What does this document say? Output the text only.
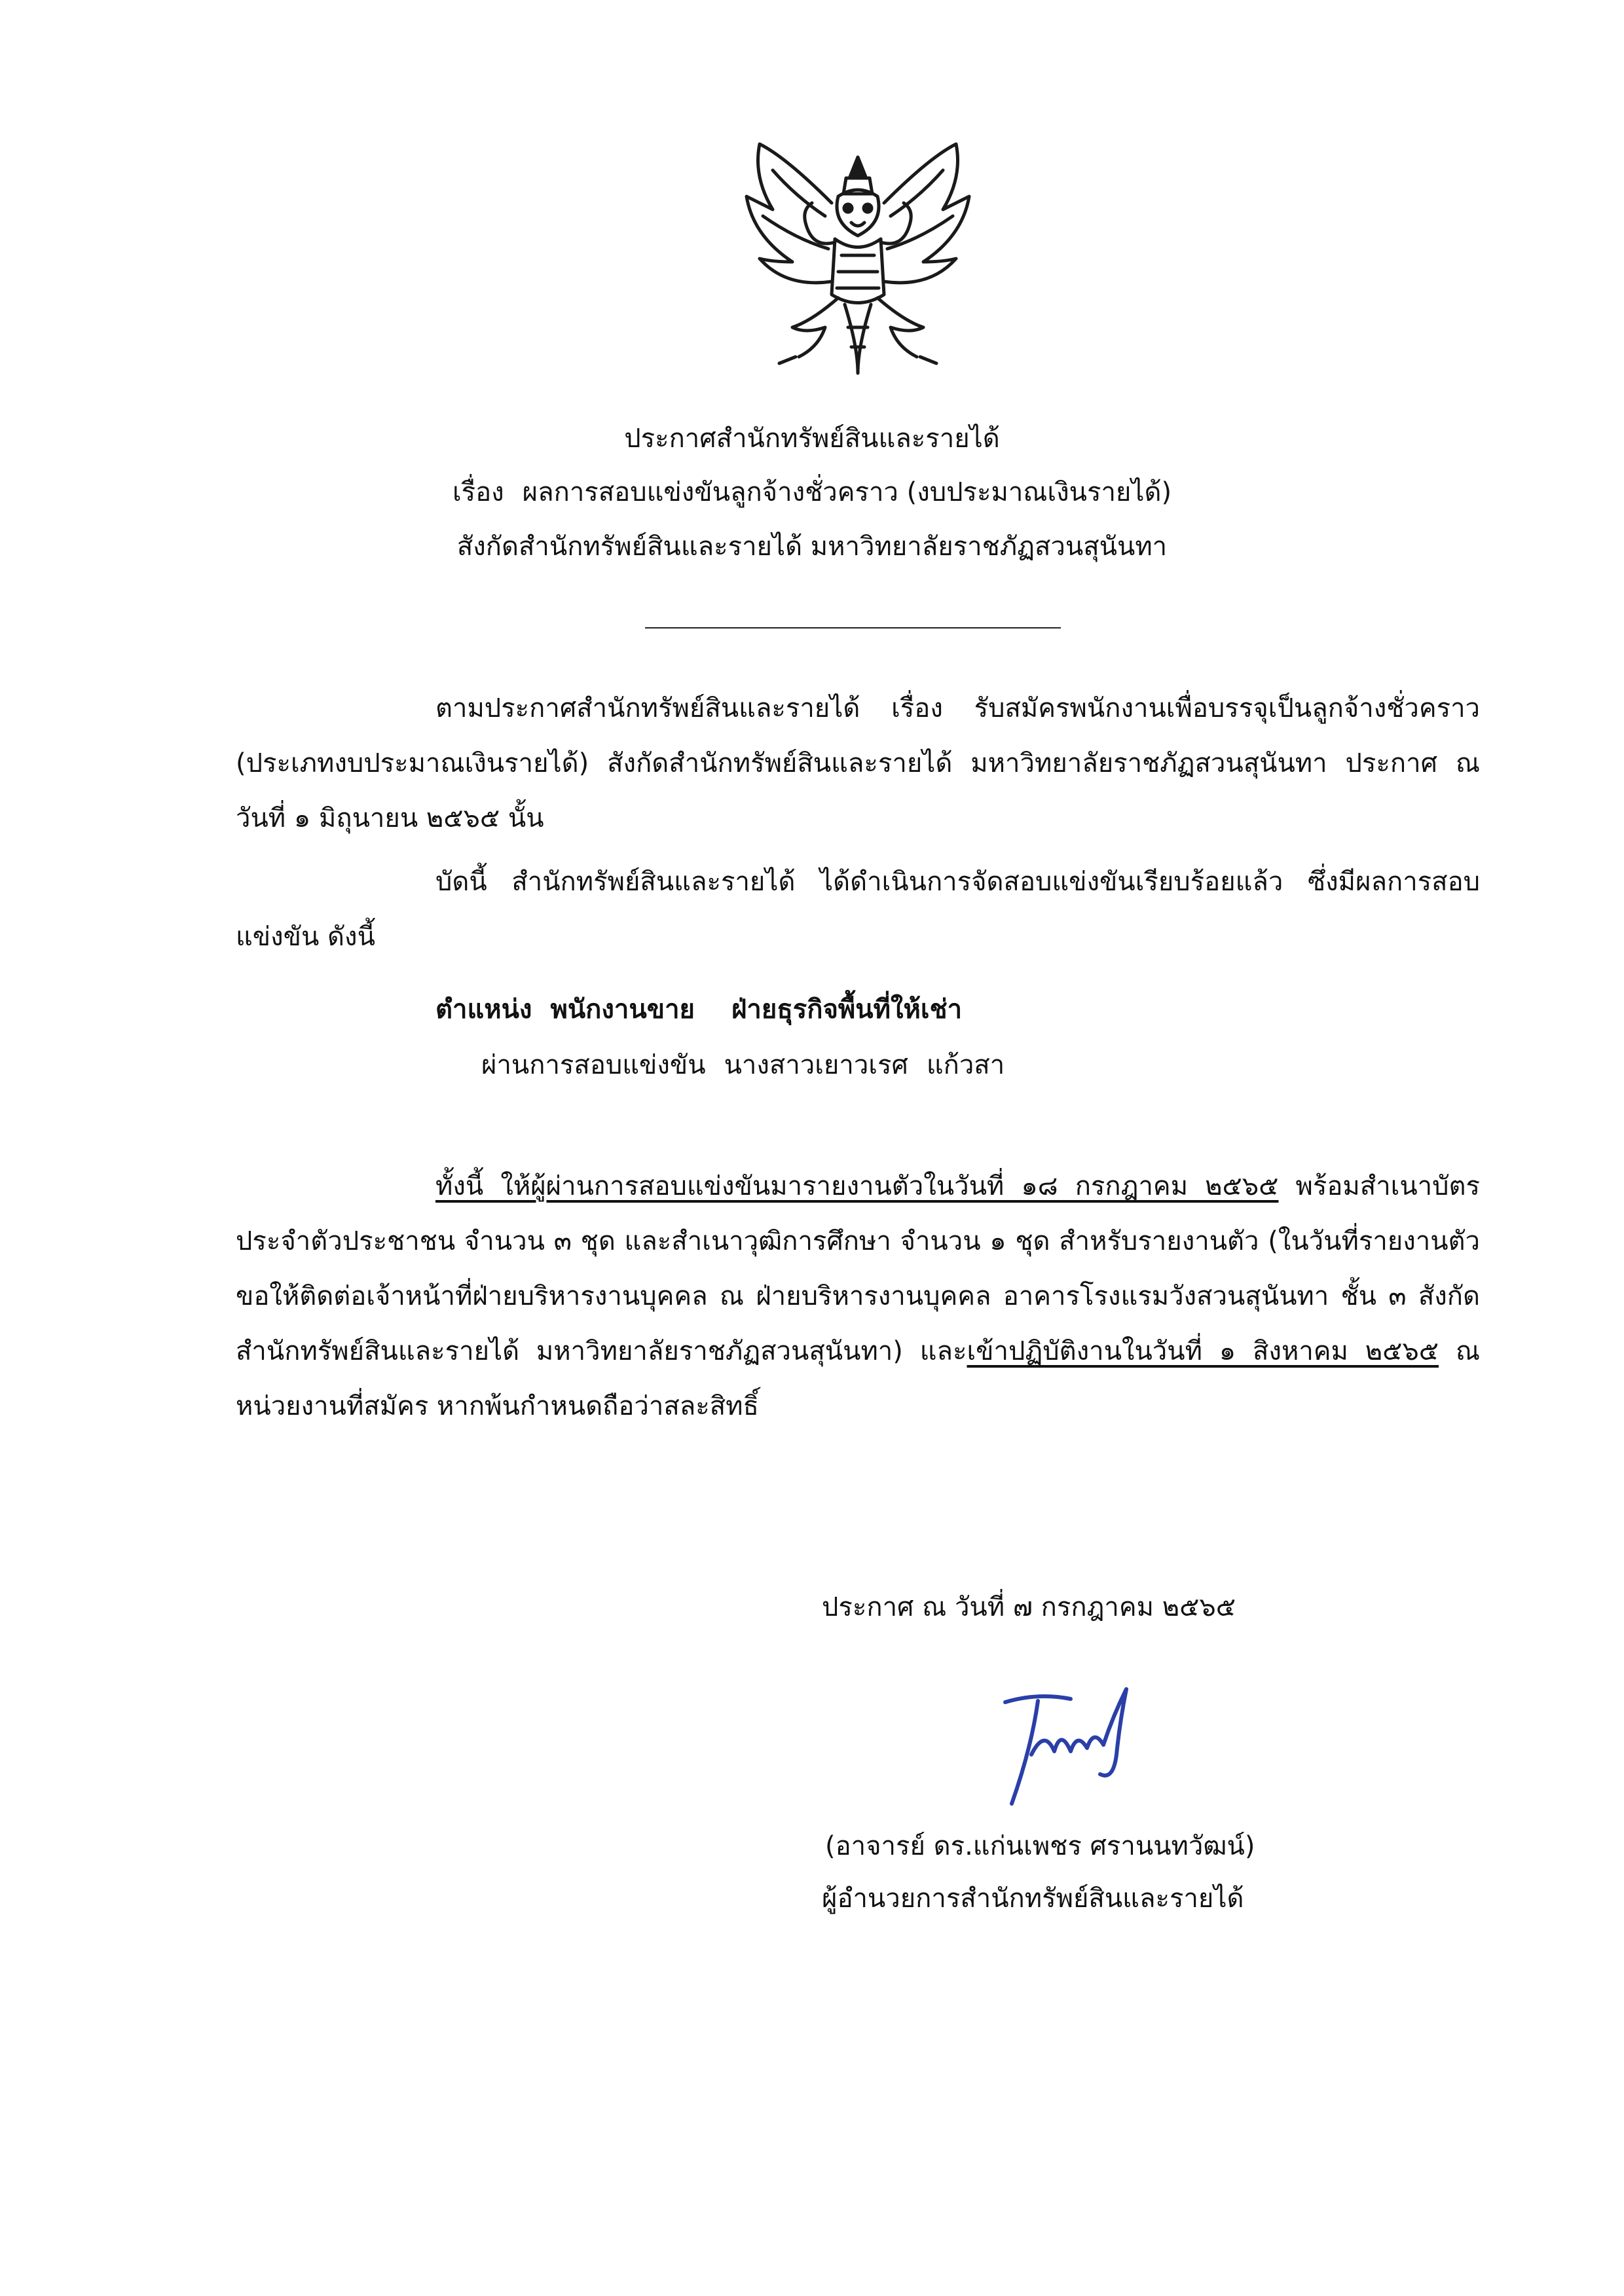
ประกาศสำนักทรัพย์สินและรายได้
เรื่อง ผลการสอบแข่งขันลูกจ้างชั่วคราว (งบประมาณเงินรายได้)
สังกัดสำนักทรัพย์สินและรายได้ มหาวิทยาลัยราชภัฏสวนสุนันทา
ตามประกาศสำนักทรัพย์สินและรายได้ เรื่อง รับสมัครพนักงานเพื่อบรรจุเป็นลูกจ้างชั่วคราว (ประเภทงบประมาณเงินรายได้) สังกัดสำนักทรัพย์สินและรายได้ มหาวิทยาลัยราชภัฏสวนสุนันทา ประกาศ ณ วันที่ ๑ มิถุนายน ๒๕๖๕ นั้น
บัดนี้ สำนักทรัพย์สินและรายได้ ได้ดำเนินการจัดสอบแข่งขันเรียบร้อยแล้ว ซึ่งมีผลการสอบแข่งขัน ดังนี้
ตำแหน่ง พนักงานขาย ฝ่ายธุรกิจพื้นที่ให้เช่า
ผ่านการสอบแข่งขัน นางสาวเยาวเรศ แก้วสา
ทั้งนี้ ให้ผู้ผ่านการสอบแข่งขันมารายงานตัวในวันที่ ๑๘ กรกฎาคม ๒๕๖๕ พร้อมสำเนาบัตรประจำตัวประชาชน จำนวน ๓ ชุด และสำเนาวุฒิการศึกษา จำนวน ๑ ชุด สำหรับรายงานตัว (ในวันที่รายงานตัวขอให้ติดต่อเจ้าหน้าที่ฝ่ายบริหารงานบุคคล ณ ฝ่ายบริหารงานบุคคล อาคารโรงแรมวังสวนสุนันทา ชั้น ๓ สังกัดสำนักทรัพย์สินและรายได้ มหาวิทยาลัยราชภัฏสวนสุนันทา) และเข้าปฏิบัติงานในวันที่ ๑ สิงหาคม ๒๕๖๕ ณ หน่วยงานที่สมัคร หากพ้นกำหนดถือว่าสละสิทธิ์
ประกาศ ณ วันที่ ๗ กรกฎาคม ๒๕๖๕
(อาจารย์ ดร.แก่นเพชร ศรานนทวัฒน์)
ผู้อำนวยการสำนักทรัพย์สินและรายได้
